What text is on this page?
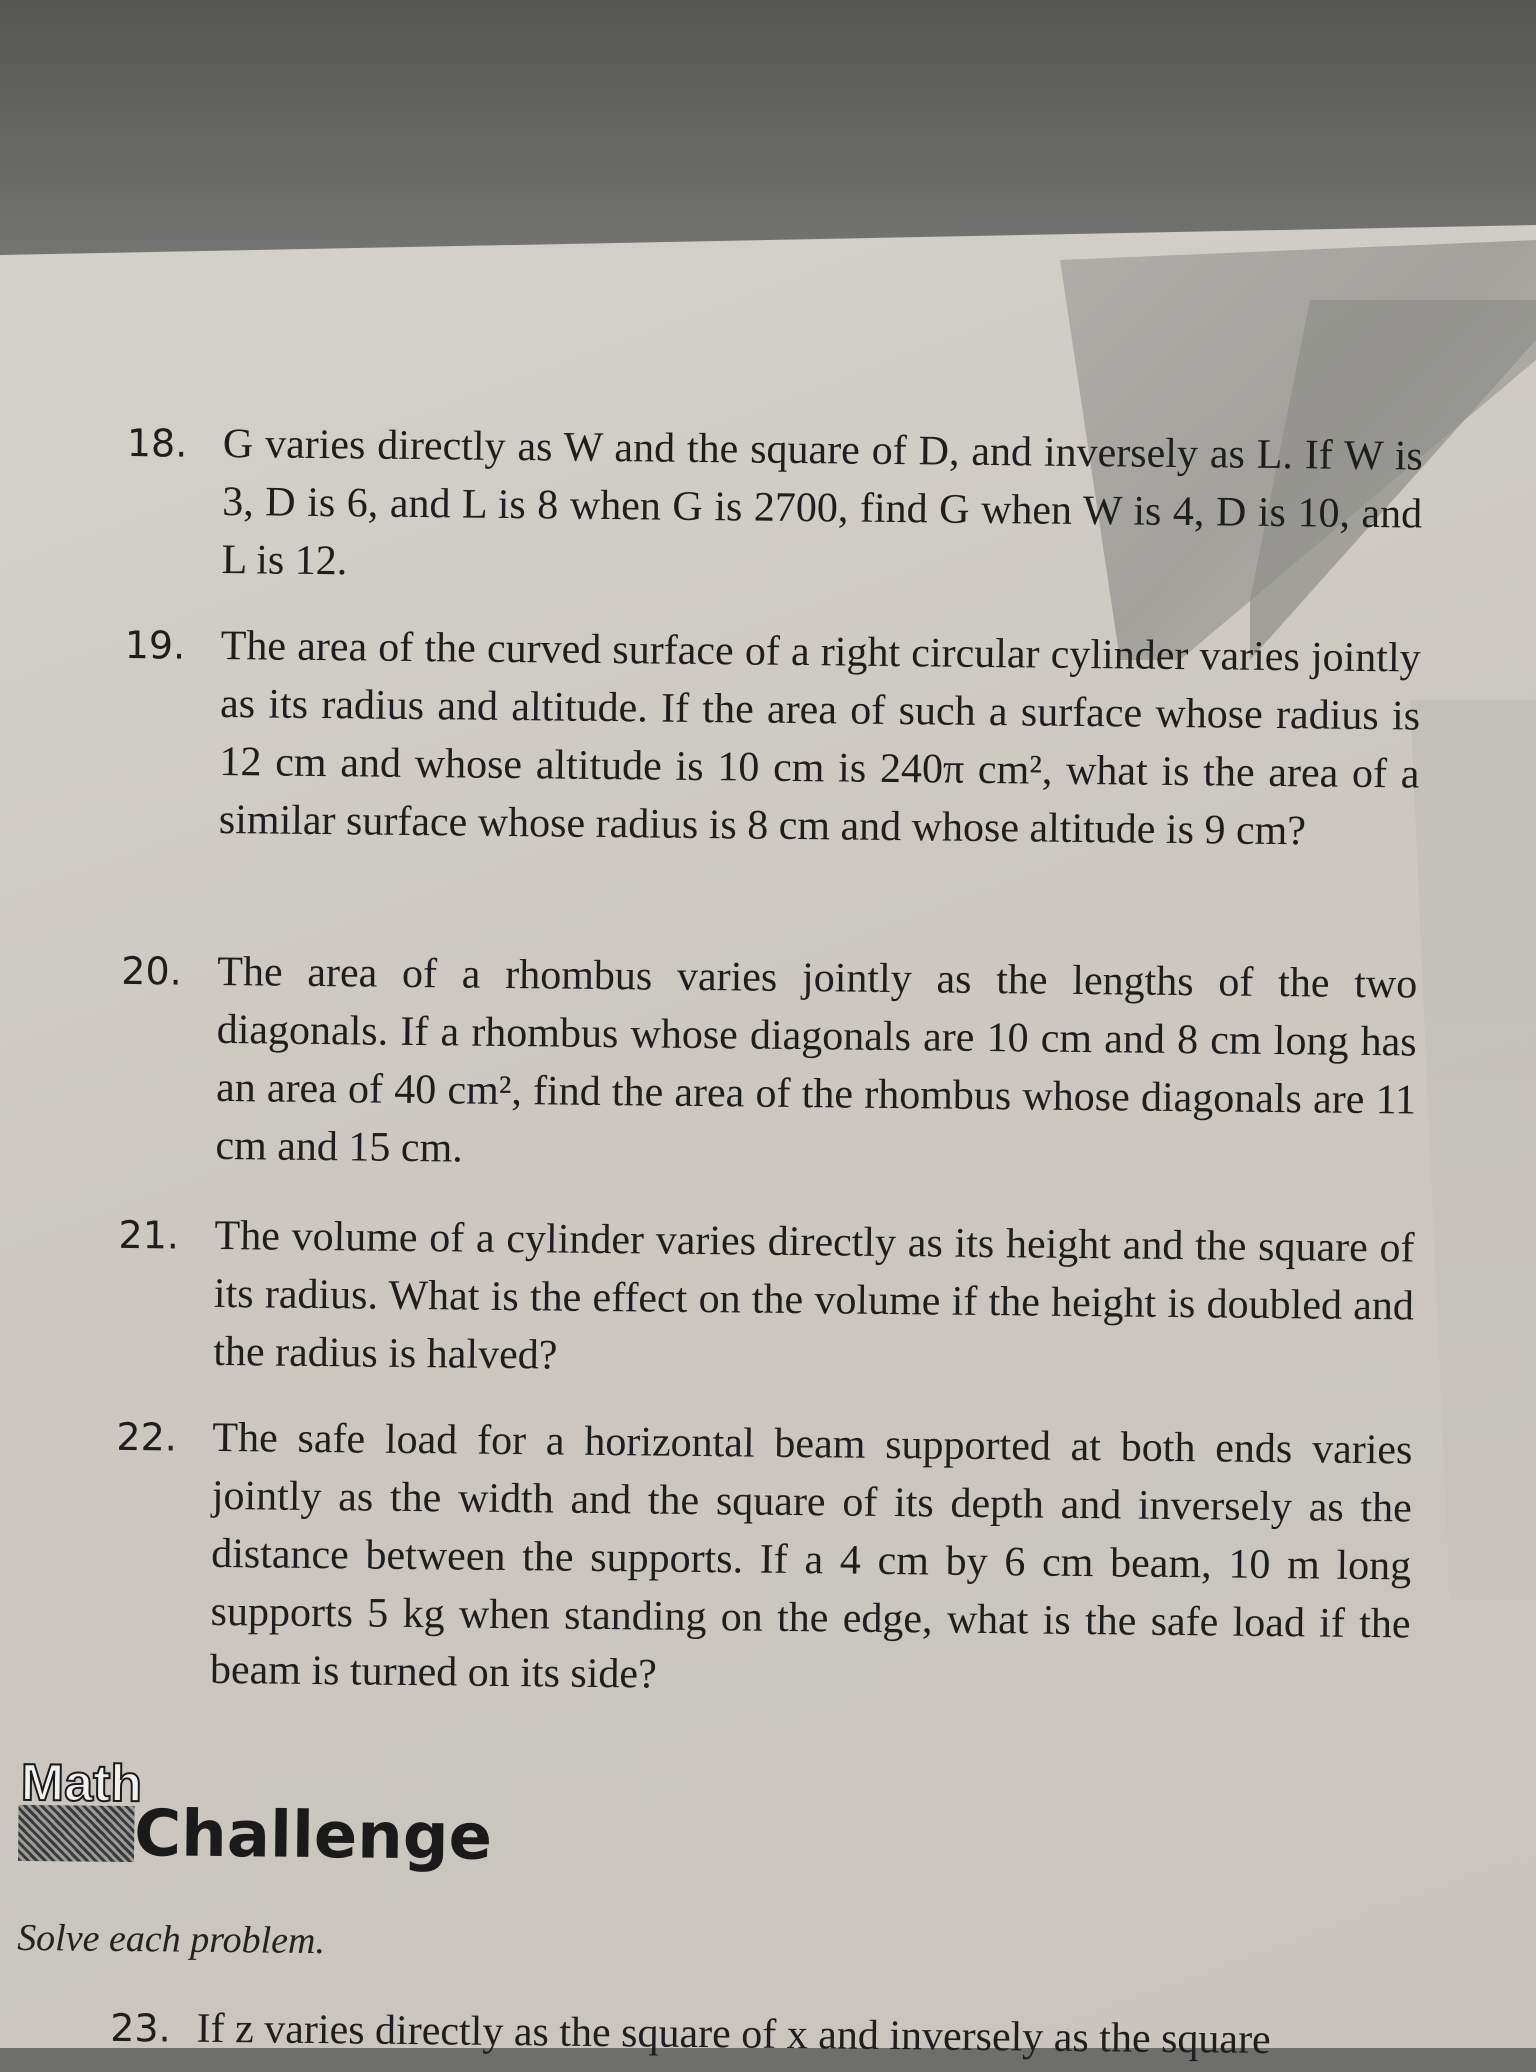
18. G varies directly as W and the square of D, and inversely as L. If W is 3, D is 6, and L is 8 when G is 2700, find G when W is 4, D is 10, and L is 12.
19. The area of the curved surface of a right circular cylinder varies jointly as its radius and altitude. If the area of such a surface whose radius is 12 cm and whose altitude is 10 cm is 240π cm², what is the area of a similar surface whose radius is 8 cm and whose altitude is 9 cm?
20. The area of a rhombus varies jointly as the lengths of the two diagonals. If a rhombus whose diagonals are 10 cm and 8 cm long has an area of 40 cm², find the area of the rhombus whose diagonals are 11 cm and 15 cm.
21. The volume of a cylinder varies directly as its height and the square of its radius. What is the effect on the volume if the height is doubled and the radius is halved?
22. The safe load for a horizontal beam supported at both ends varies jointly as the width and the square of its depth and inversely as the distance between the supports. If a 4 cm by 6 cm beam, 10 m long supports 5 kg when standing on the edge, what is the safe load if the beam is turned on its side?
Math
Challenge
Solve each problem.
23. If z varies directly as the square of x and inversely as the square
